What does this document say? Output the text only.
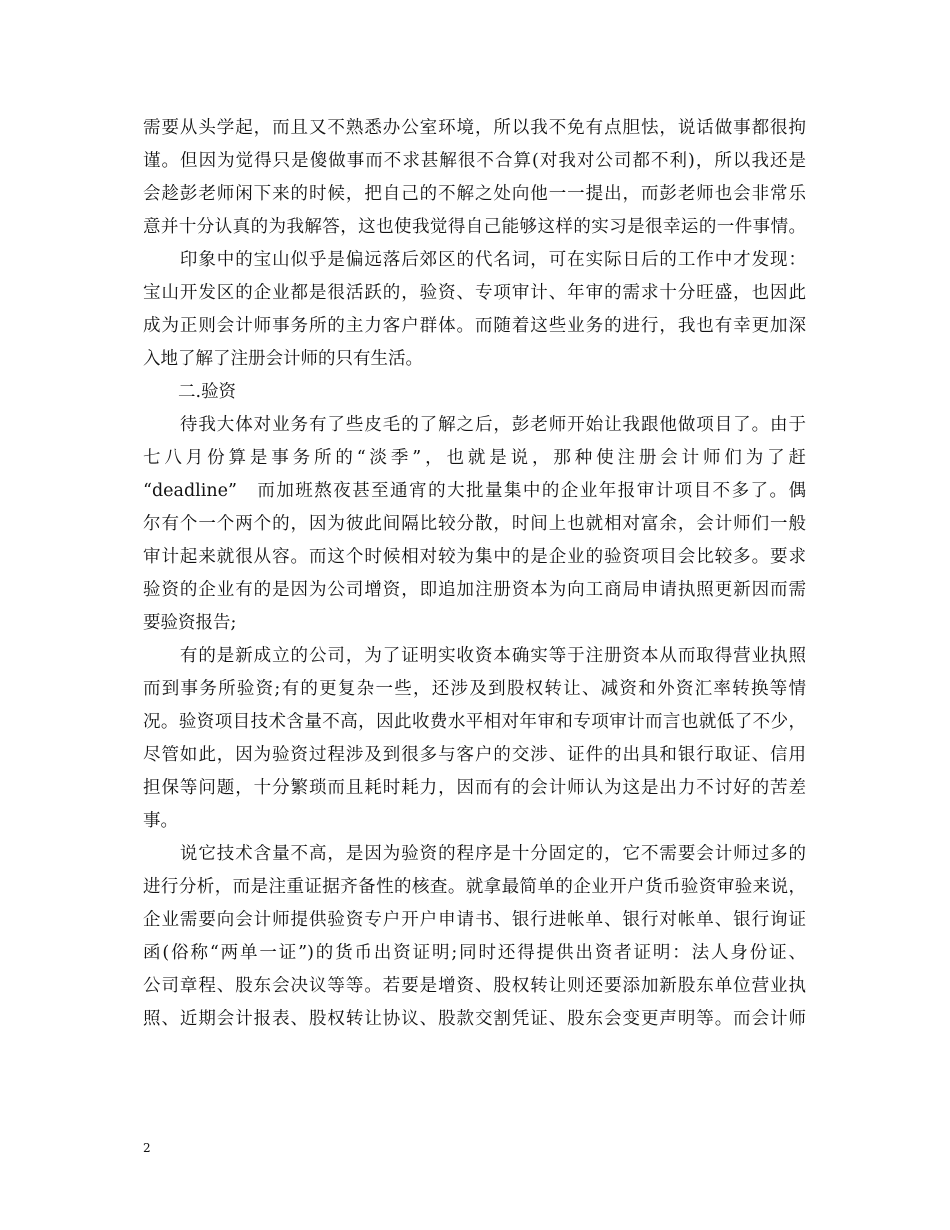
需要从头学起，而且又不熟悉办公室环境，所以我不免有点胆怯，说话做事都很拘
谨。但因为觉得只是傻做事而不求甚解很不合算(对我对公司都不利)，所以我还是
会趁彭老师闲下来的时候，把自己的不解之处向他一一提出，而彭老师也会非常乐
意并十分认真的为我解答，这也使我觉得自己能够这样的实习是很幸运的一件事情。
　　印象中的宝山似乎是偏远落后郊区的代名词，可在实际日后的工作中才发现：
宝山开发区的企业都是很活跃的，验资、专项审计、年审的需求十分旺盛，也因此
成为正则会计师事务所的主力客户群体。而随着这些业务的进行，我也有幸更加深
入地了解了注册会计师的只有生活。
　　二.验资
　　待我大体对业务有了些皮毛的了解之后，彭老师开始让我跟他做项目了。由于
七八月份算是事务所的“淡季”，也就是说，那种使注册会计师们为了赶
“deadline”　而加班熬夜甚至通宵的大批量集中的企业年报审计项目不多了。偶
尔有个一个两个的，因为彼此间隔比较分散，时间上也就相对富余，会计师们一般
审计起来就很从容。而这个时候相对较为集中的是企业的验资项目会比较多。要求
验资的企业有的是因为公司增资，即追加注册资本为向工商局申请执照更新因而需
要验资报告;
　　有的是新成立的公司，为了证明实收资本确实等于注册资本从而取得营业执照
而到事务所验资;有的更复杂一些，还涉及到股权转让、减资和外资汇率转换等情
况。验资项目技术含量不高，因此收费水平相对年审和专项审计而言也就低了不少，
尽管如此，因为验资过程涉及到很多与客户的交涉、证件的出具和银行取证、信用
担保等问题，十分繁琐而且耗时耗力，因而有的会计师认为这是出力不讨好的苦差
事。
　　说它技术含量不高，是因为验资的程序是十分固定的，它不需要会计师过多的
进行分析，而是注重证据齐备性的核查。就拿最简单的企业开户货币验资审验来说，
企业需要向会计师提供验资专户开户申请书、银行进帐单、银行对帐单、银行询证
函(俗称“两单一证”)的货币出资证明;同时还得提供出资者证明：法人身份证、
公司章程、股东会决议等等。若要是增资、股权转让则还要添加新股东单位营业执
照、近期会计报表、股权转让协议、股款交割凭证、股东会变更声明等。而会计师
2
